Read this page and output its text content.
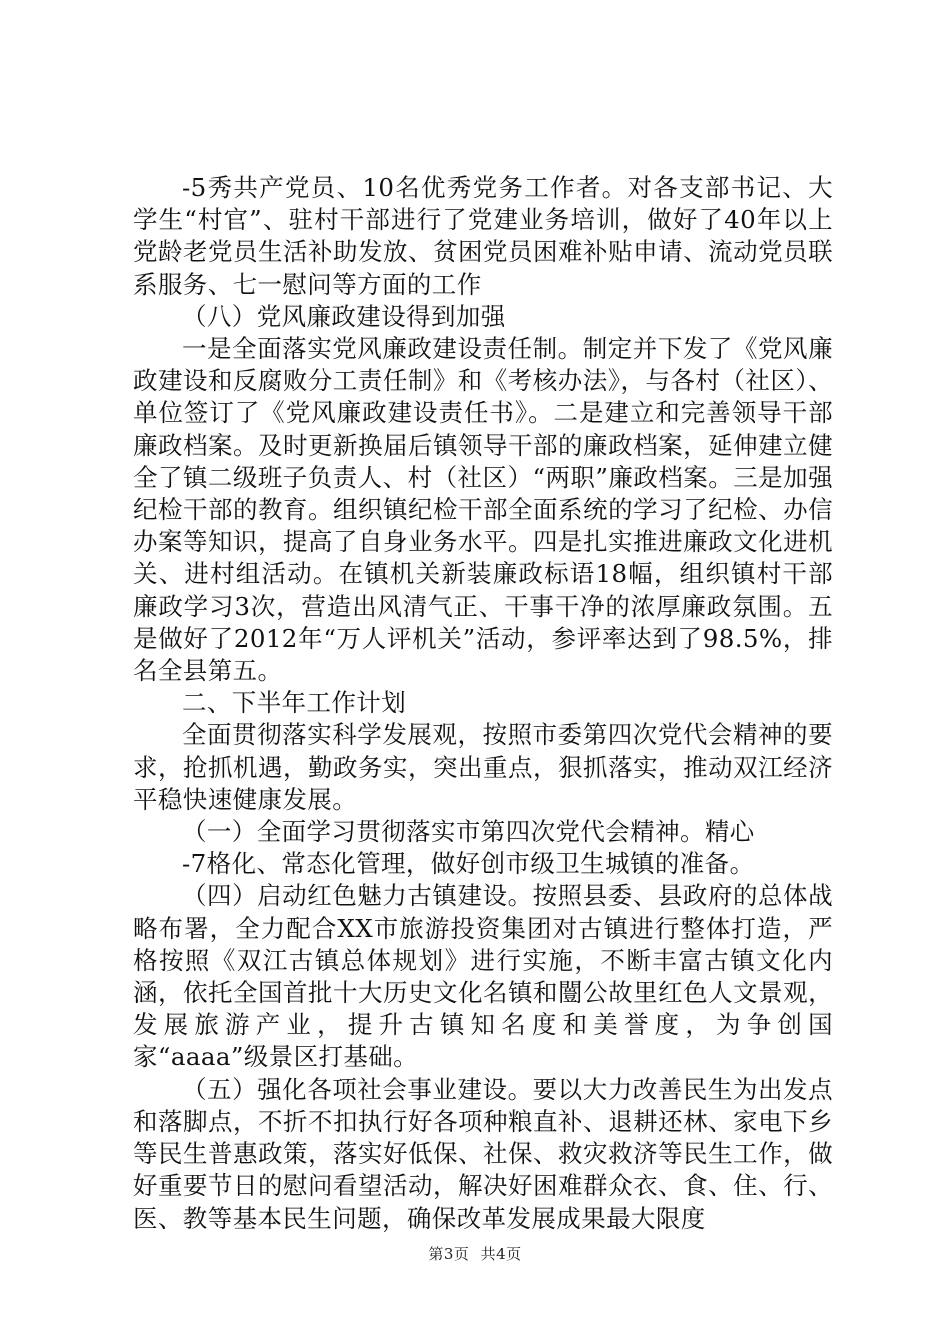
-5秀共产党员、10名优秀党务工作者。对各支部书记、大学生“村官”、驻村干部进行了党建业务培训，做好了40年以上党龄老党员生活补助发放、贫困党员困难补贴申请、流动党员联系服务、七一慰问等方面的工作

（八）党风廉政建设得到加强

一是全面落实党风廉政建设责任制。制定并下发了《党风廉政建设和反腐败分工责任制》和《考核办法》，与各村（社区）、单位签订了《党风廉政建设责任书》。二是建立和完善领导干部廉政档案。及时更新换届后镇领导干部的廉政档案，延伸建立健全了镇二级班子负责人、村（社区）“两职”廉政档案。三是加强纪检干部的教育。组织镇纪检干部全面系统的学习了纪检、办信办案等知识，提高了自身业务水平。四是扎实推进廉政文化进机关、进村组活动。在镇机关新装廉政标语18幅，组织镇村干部廉政学习3次，营造出风清气正、干事干净的浓厚廉政氛围。五是做好了2012年“万人评机关”活动，参评率达到了98.5%，排名全县第五。

二、下半年工作计划

全面贯彻落实科学发展观，按照市委第四次党代会精神的要求，抢抓机遇，勤政务实，突出重点，狠抓落实，推动双江经济平稳快速健康发展。

（一）全面学习贯彻落实市第四次党代会精神。精心

-7格化、常态化管理，做好创市级卫生城镇的准备。

（四）启动红色魅力古镇建设。按照县委、县政府的总体战略布署，全力配合XX市旅游投资集团对古镇进行整体打造，严格按照《双江古镇总体规划》进行实施，不断丰富古镇文化内涵，依托全国首批十大历史文化名镇和闓公故里红色人文景观，发展旅游产业，提升古镇知名度和美誉度，为争创国家“aaaa”级景区打基础。

（五）强化各项社会事业建设。要以大力改善民生为出发点和落脚点，不折不扣执行好各项种粮直补、退耕还林、家电下乡等民生普惠政策，落实好低保、社保、救灾救济等民生工作，做好重要节日的慰问看望活动，解决好困难群众衣、食、住、行、医、教等基本民生问题，确保改革发展成果最大限度

第3页 共4页
